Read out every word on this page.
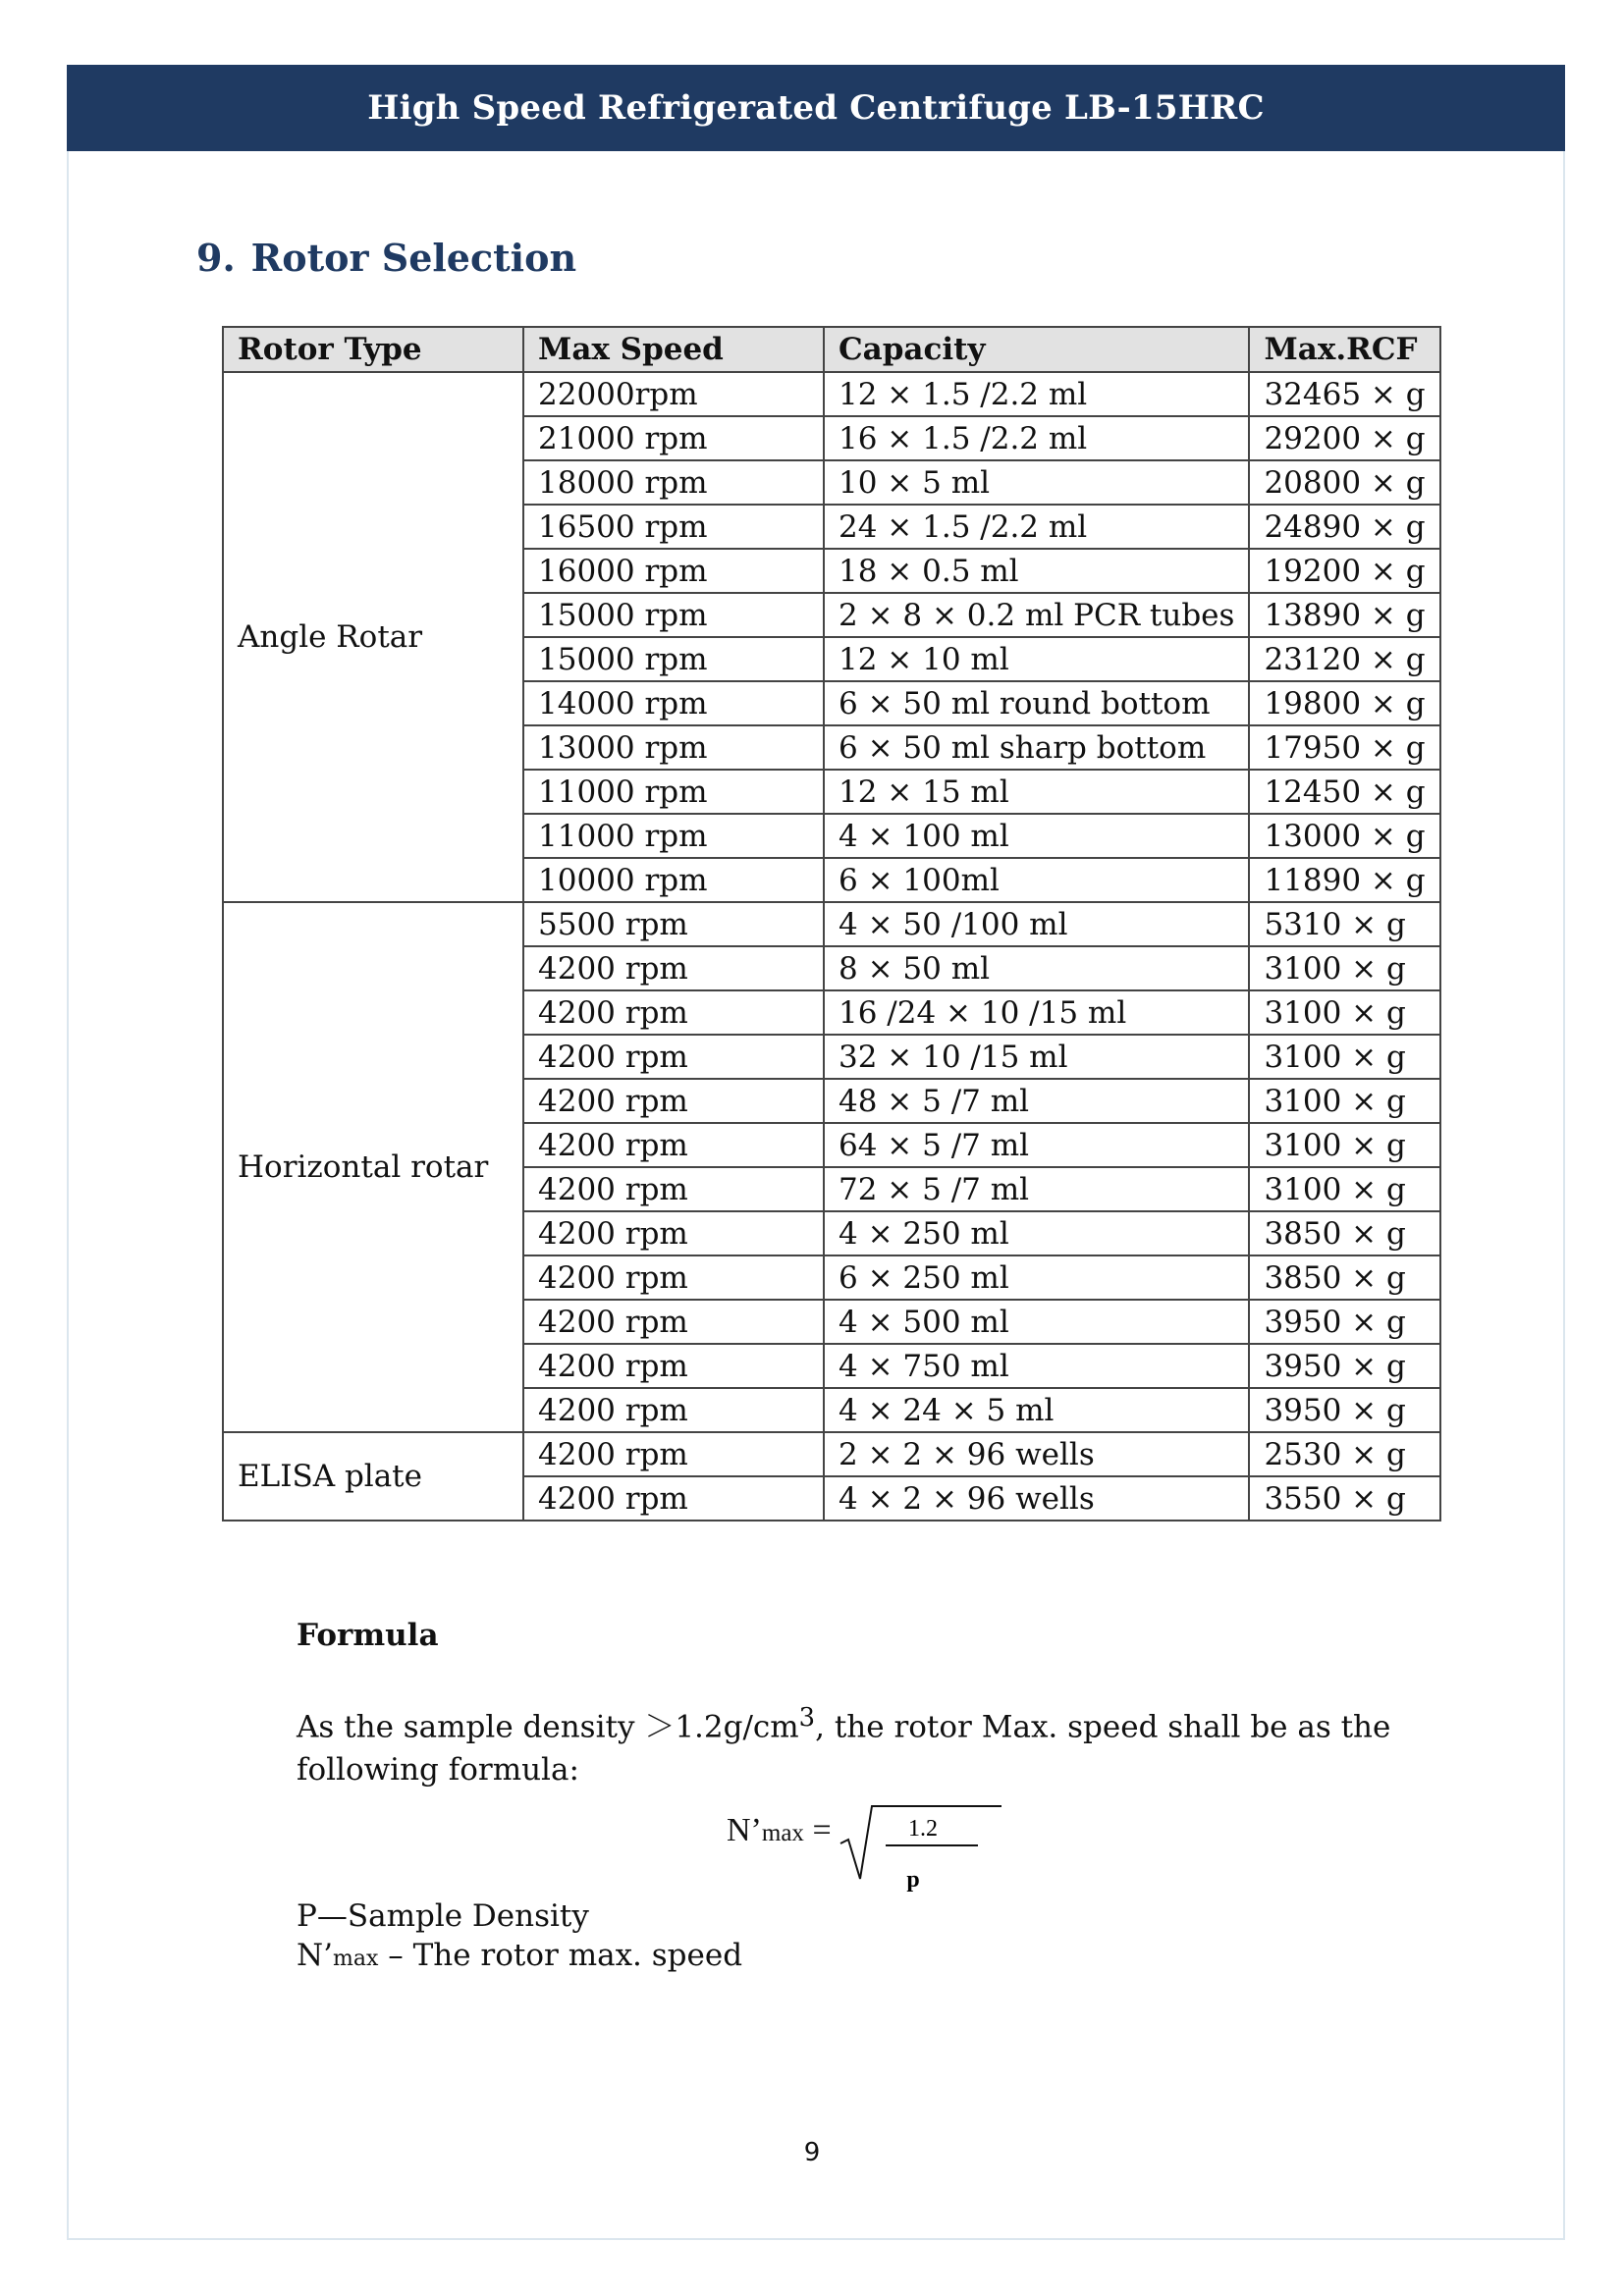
High Speed Refrigerated Centrifuge LB-15HRC
9. Rotor Selection
Rotor Type	Max Speed	Capacity	Max.RCF
Angle Rotar	22000rpm	12 × 1.5 /2.2 ml	32465 × g
	21000 rpm	16 × 1.5 /2.2 ml	29200 × g
	18000 rpm	10 × 5 ml	20800 × g
	16500 rpm	24 × 1.5 /2.2 ml	24890 × g
	16000 rpm	18 × 0.5 ml	19200 × g
	15000 rpm	2 × 8 × 0.2 ml PCR tubes	13890 × g
	15000 rpm	12 × 10 ml	23120 × g
	14000 rpm	6 × 50 ml round bottom	19800 × g
	13000 rpm	6 × 50 ml sharp bottom	17950 × g
	11000 rpm	12 × 15 ml	12450 × g
	11000 rpm	4 × 100 ml	13000 × g
	10000 rpm	6 × 100ml	11890 × g
Horizontal rotar	5500 rpm	4 × 50 /100 ml	5310 × g
	4200 rpm	8 × 50 ml	3100 × g
	4200 rpm	16 /24 × 10 /15 ml	3100 × g
	4200 rpm	32 × 10 /15 ml	3100 × g
	4200 rpm	48 × 5 /7 ml	3100 × g
	4200 rpm	64 × 5 /7 ml	3100 × g
	4200 rpm	72 × 5 /7 ml	3100 × g
	4200 rpm	4 × 250 ml	3850 × g
	4200 rpm	6 × 250 ml	3850 × g
	4200 rpm	4 × 500 ml	3950 × g
	4200 rpm	4 × 750 ml	3950 × g
	4200 rpm	4 × 24 × 5 ml	3950 × g
ELISA plate	4200 rpm	2 × 2 × 96 wells	2530 × g
	4200 rpm	4 × 2 × 96 wells	3550 × g

Formula

As the sample density $>1.2g/cm^3$, the rotor Max. speed shall be as the following formula:
N’max =	1.2
p
P—Sample Density
N’max – The rotor max. speed
9
